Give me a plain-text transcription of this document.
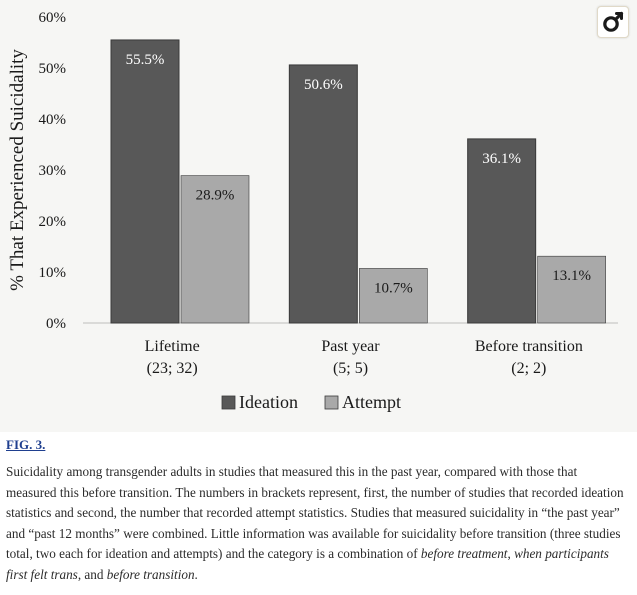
% That Experienced Suicidality
0%
10%
20%
30%
40%
50%
60%
55.5%
28.9%
Lifetime
(23; 32)
50.6%
10.7%
Past year
(5; 5)
36.1%
13.1%
Before transition
(2; 2)
Ideation Attempt
FIG. 3.
Suicidality among transgender adults in studies that measured this in the past year, compared with those that measured this before transition. The numbers in brackets represent, first, the number of studies that recorded ideation statistics and second, the number that recorded attempt statistics. Studies that measured suicidality in “the past year” and “past 12 months” were combined. Little information was available for suicidality before transition (three studies total, two each for ideation and attempts) and the category is a combination of before treatment, when participants first felt trans, and before transition.
